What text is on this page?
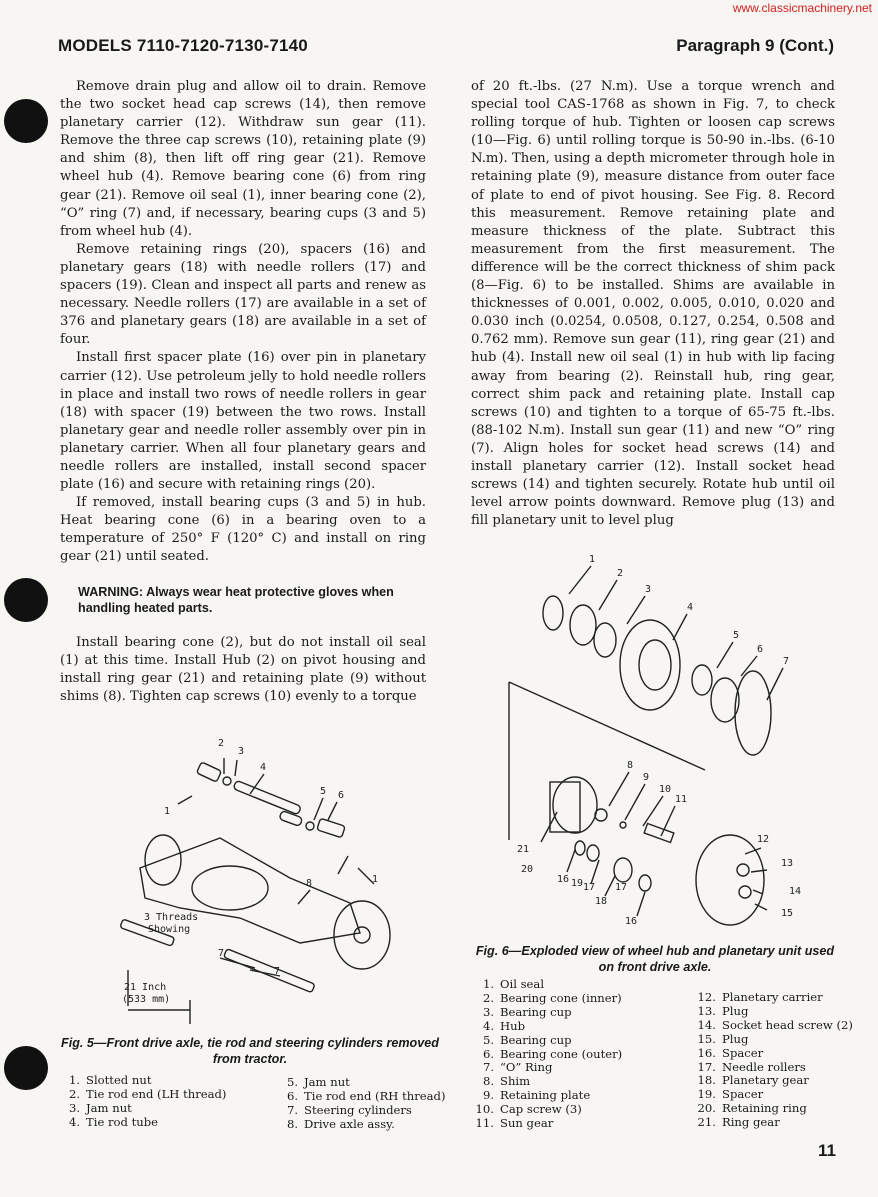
www.classicmachinery.net
MODELS 7110-7120-7130-7140	Paragraph 9 (Cont.)

Remove drain plug and allow oil to drain. Remove the two socket head cap screws (14), then remove planetary carrier (12). Withdraw sun gear (11). Remove the three cap screws (10), retaining plate (9) and shim (8), then lift off ring gear (21). Remove wheel hub (4). Remove bearing cone (6) from ring gear (21). Remove oil seal (1), inner bearing cone (2), “O” ring (7) and, if necessary, bearing cups (3 and 5) from wheel hub (4).

Remove retaining rings (20), spacers (16) and planetary gears (18) with needle rollers (17) and spacers (19). Clean and inspect all parts and renew as necessary. Needle rollers (17) are available in a set of 376 and planetary gears (18) are available in a set of four.

Install first spacer plate (16) over pin in planetary carrier (12). Use petroleum jelly to hold needle rollers in place and install two rows of needle rollers in gear (18) with spacer (19) between the two rows. Install planetary gear and needle roller assembly over pin in planetary carrier. When all four planetary gears and needle rollers are installed, install second spacer plate (16) and secure with retaining rings (20).

If removed, install bearing cups (3 and 5) in hub. Heat bearing cone (6) in a bearing oven to a temperature of 250° F (120° C) and install on ring gear (21) until seated.

WARNING: Always wear heat protective gloves when handling heated parts.

Install bearing cone (2), but do not install oil seal (1) at this time. Install Hub (2) on pivot housing and install ring gear (21) and retaining plate (9) without shims (8). Tighten cap screws (10) evenly to a torque

of 20 ft.-lbs. (27 N.m). Use a torque wrench and special tool CAS-1768 as shown in Fig. 7, to check rolling torque of hub. Tighten or loosen cap screws (10—Fig. 6) until rolling torque is 50-90 in.-lbs. (6-10 N.m). Then, using a depth micrometer through hole in retaining plate (9), measure distance from outer face of plate to end of pivot housing. See Fig. 8. Record this measurement. Remove retaining plate and measure thickness of the plate. Subtract this measurement from the first measurement. The difference will be the correct thickness of shim pack (8—Fig. 6) to be installed. Shims are available in thicknesses of 0.001, 0.002, 0.005, 0.010, 0.020 and 0.030 inch (0.0254, 0.0508, 0.127, 0.254, 0.508 and 0.762 mm). Remove sun gear (11), ring gear (21) and hub (4). Install new oil seal (1) in hub with lip facing away from bearing (2). Reinstall hub, ring gear, correct shim pack and retaining plate. Install cap screws (10) and tighten to a torque of 65-75 ft.-lbs. (88-102 N.m). Install sun gear (11) and new “O” ring (7). Align holes for socket head screws (14) and install planetary carrier (12). Install socket head screws (14) and tighten securely. Rotate hub until oil level arrow points downward. Remove plug (13) and fill planetary unit to level plug

1
2
3
4
5 6
8	1
7
7
3 Threads
Showing
21 Inch
(533 mm)
Fig. 5—Front drive axle, tie rod and steering cylinders removed from tractor.
1. Slotted nut
2. Tie rod end (LH thread)
3. Jam nut
4. Tie rod tube
5. Jam nut
6. Tie rod end (RH thread)
7. Steering cylinders
8. Drive axle assy.
1
2
3
4
5
6
7
8
9
10
11
12
13
14
15
16
16
17 17
18
19
20
21
Fig. 6—Exploded view of wheel hub and planetary unit used on front drive axle.
1. Oil seal
2. Bearing cone (inner)
3. Bearing cup
4. Hub
5. Bearing cup
6. Bearing cone (outer)
7. “O” Ring
8. Shim
9. Retaining plate
10. Cap screw (3)
11. Sun gear
12. Planetary carrier
13. Plug
14. Socket head screw (2)
15. Plug
16. Spacer
17. Needle rollers
18. Planetary gear
19. Spacer
20. Retaining ring
21. Ring gear
11
